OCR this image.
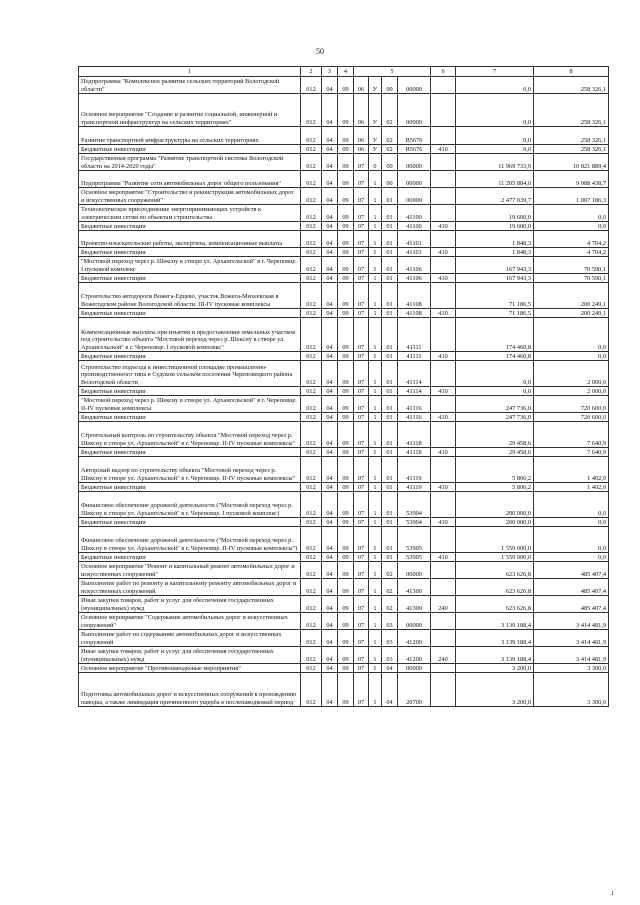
50
1	2	3	4	5				6	7	8
Подпрограмма "Комплексное развитие сельских территорий Вологодской области"	012	04	09	06	У	00	00000		0,0	258 326,1
Основное мероприятие "Создание и развитие социальной, инженерной и транспортной инфраструктур на сельских территориях"	012	04	09	06	У	02	00000		0,0	258 326,1
Развитие транспортной инфраструктуры на сельских территориях	012	04	09	06	У	02	R5676		0,0	258 326,1
Бюджетные инвестиции	012	04	09	06	У	02	R5676	410	0,0	258 326,1
Государственная программа "Развитие транспортной системы Вологодской области на 2014-2020 годы"	012	04	09	07	0	00	00000		11 969 733,9	10 821 889,4
Подпрограмма "Развитие сети автомобильных дорог общего пользования"	012	04	09	07	1	00	00000		11 205 884,0	9 988 438,7
Основное мероприятие "Строительство и реконструкция автомобильных дорог и искусственных сооружений"	012	04	09	07	1	01	00000		2 477 039,7	1 007 186,3
Технологическое присоединение энергопринимающих устройств к электрическим сетям по объектам строительства	012	04	09	07	1	01	41100		19 600,0	0,0
Бюджетные инвестиции	012	04	09	07	1	01	41100	410	19 600,0	0,0
Проектно-изыскательские работы, экспертизы, компенсационные выплаты	012	04	09	07	1	01	41101		1 848,3	4 704,2
Бюджетные инвестиции	012	04	09	07	1	01	41101	410	1 848,3	4 704,2
"Мостовой переход через р. Шексну в створе ул. Архангельской" в г. Череповце. I пусковой комплекс	012	04	09	07	1	01	41106		167 943,3	70 590,1
Бюджетные инвестиции	012	04	09	07	1	01	41106	410	167 943,3	70 590,1
Строительство автодороги Вожега-Ерцево, участок Вожега-Михеевская в Вожегодском районе Вологодской области. III-IV пусковые комплексы	012	04	09	07	1	01	41108		71 186,5	200 249,1
Бюджетные инвестиции	012	04	09	07	1	01	41108	410	71 186,5	200 249,1
Компенсационные выплаты при изъятии и предоставлении земельных участков под строительство объекта "Мостовой переход через р. Шексну в створе ул. Архангельской" в г. Череповце. I пусковой комплекс"	012	04	09	07	1	01	41111		174 460,8	0,0
Бюджетные инвестиции	012	04	09	07	1	01	41111	410	174 460,8	0,0
Строительство подъезда к инвестиционной площадке промышленно-производственного типа в Судском сельском поселении Череповецкого района Вологодской области	012	04	09	07	1	01	41114		0,0	2 000,0
Бюджетные инвестиции	012	04	09	07	1	01	41114	410	0,0	2 000,0
"Мостовой переход через р. Шексну в створе ул. Архангельской" в г. Череповце. II-IV пусковые комплексы	012	04	09	07	1	01	41116		247 736,0	720 600,0
Бюджетные инвестиции	012	04	09	07	1	01	41116	410	247 736,0	720 600,0
Строительный контроль по строительству объекта "Мостовой переход через р. Шексну в створе ул. Архангельской" в г. Череповце. II-IV пусковые комплексы"	012	04	09	07	1	01	41118		29 458,6	7 640,9
Бюджетные инвестиции	012	04	09	07	1	01	41118	410	29 458,6	7 640,9
Авторский надзор по строительству объекта "Мостовой переход через р. Шексну в створе ул. Архангельской" в г. Череповце. II-IV пусковые комплексы"	012	04	09	07	1	01	41119		5 806,2	1 402,0
Бюджетные инвестиции	012	04	09	07	1	01	41119	410	5 806,2	1 402,0
Финансовое обеспечение дорожной деятельности ("Мостовой переход через р. Шексну в створе ул. Архангельской" в г. Череповце. I пусковой комплекс)	012	04	09	07	1	01	53904		200 000,0	0,0
Бюджетные инвестиции	012	04	09	07	1	01	53904	410	200 000,0	0,0
Финансовое обеспечение дорожной деятельности ("Мостовой переход через р. Шексну в створе ул. Архангельской" в г. Череповце. II-IV пусковые комплексы")	012	04	09	07	1	01	53905		1 559 000,0	0,0
Бюджетные инвестиции	012	04	09	07	1	01	53905	410	1 559 000,0	0,0
Основное мероприятие "Ремонт и капитальный ремонт автомобильных дорог и искусственных сооружений"	012	04	09	07	1	02	00000		623 626,8	485 407,4
Выполнение работ по ремонту и капитальному ремонту автомобильных дорог и искусственных сооружений	012	04	09	07	1	02	41300		623 626,8	485 407,4
Иные закупки товаров, работ и услуг для обеспечения государственных (муниципальных) нужд	012	04	09	07	1	02	41300	240	623 626,8	485 407,4
Основное мероприятие "Содержание автомобильных дорог и искусственных сооружений"	012	04	09	07	1	03	00000		3 139 188,4	3 414 481,9
Выполнение работ по содержанию автомобильных дорог и искусственных сооружений	012	04	09	07	1	03	41200		3 139 188,4	3 414 481,9
Иные закупки товаров, работ и услуг для обеспечения государственных (муниципальных) нужд	012	04	09	07	1	03	41200	240	3 139 188,4	3 414 481,9
Основное мероприятие "Противопаводковые мероприятия"	012	04	09	07	1	04	00000		3 200,0	3 300,0
Подготовка автомобильных дорог и искусственных сооружений к прохождению паводка, а также ликвидация причиненного ущерба в послепаводковый период	012	04	09	07	1	04	20700		3 200,0	3 300,0
1
